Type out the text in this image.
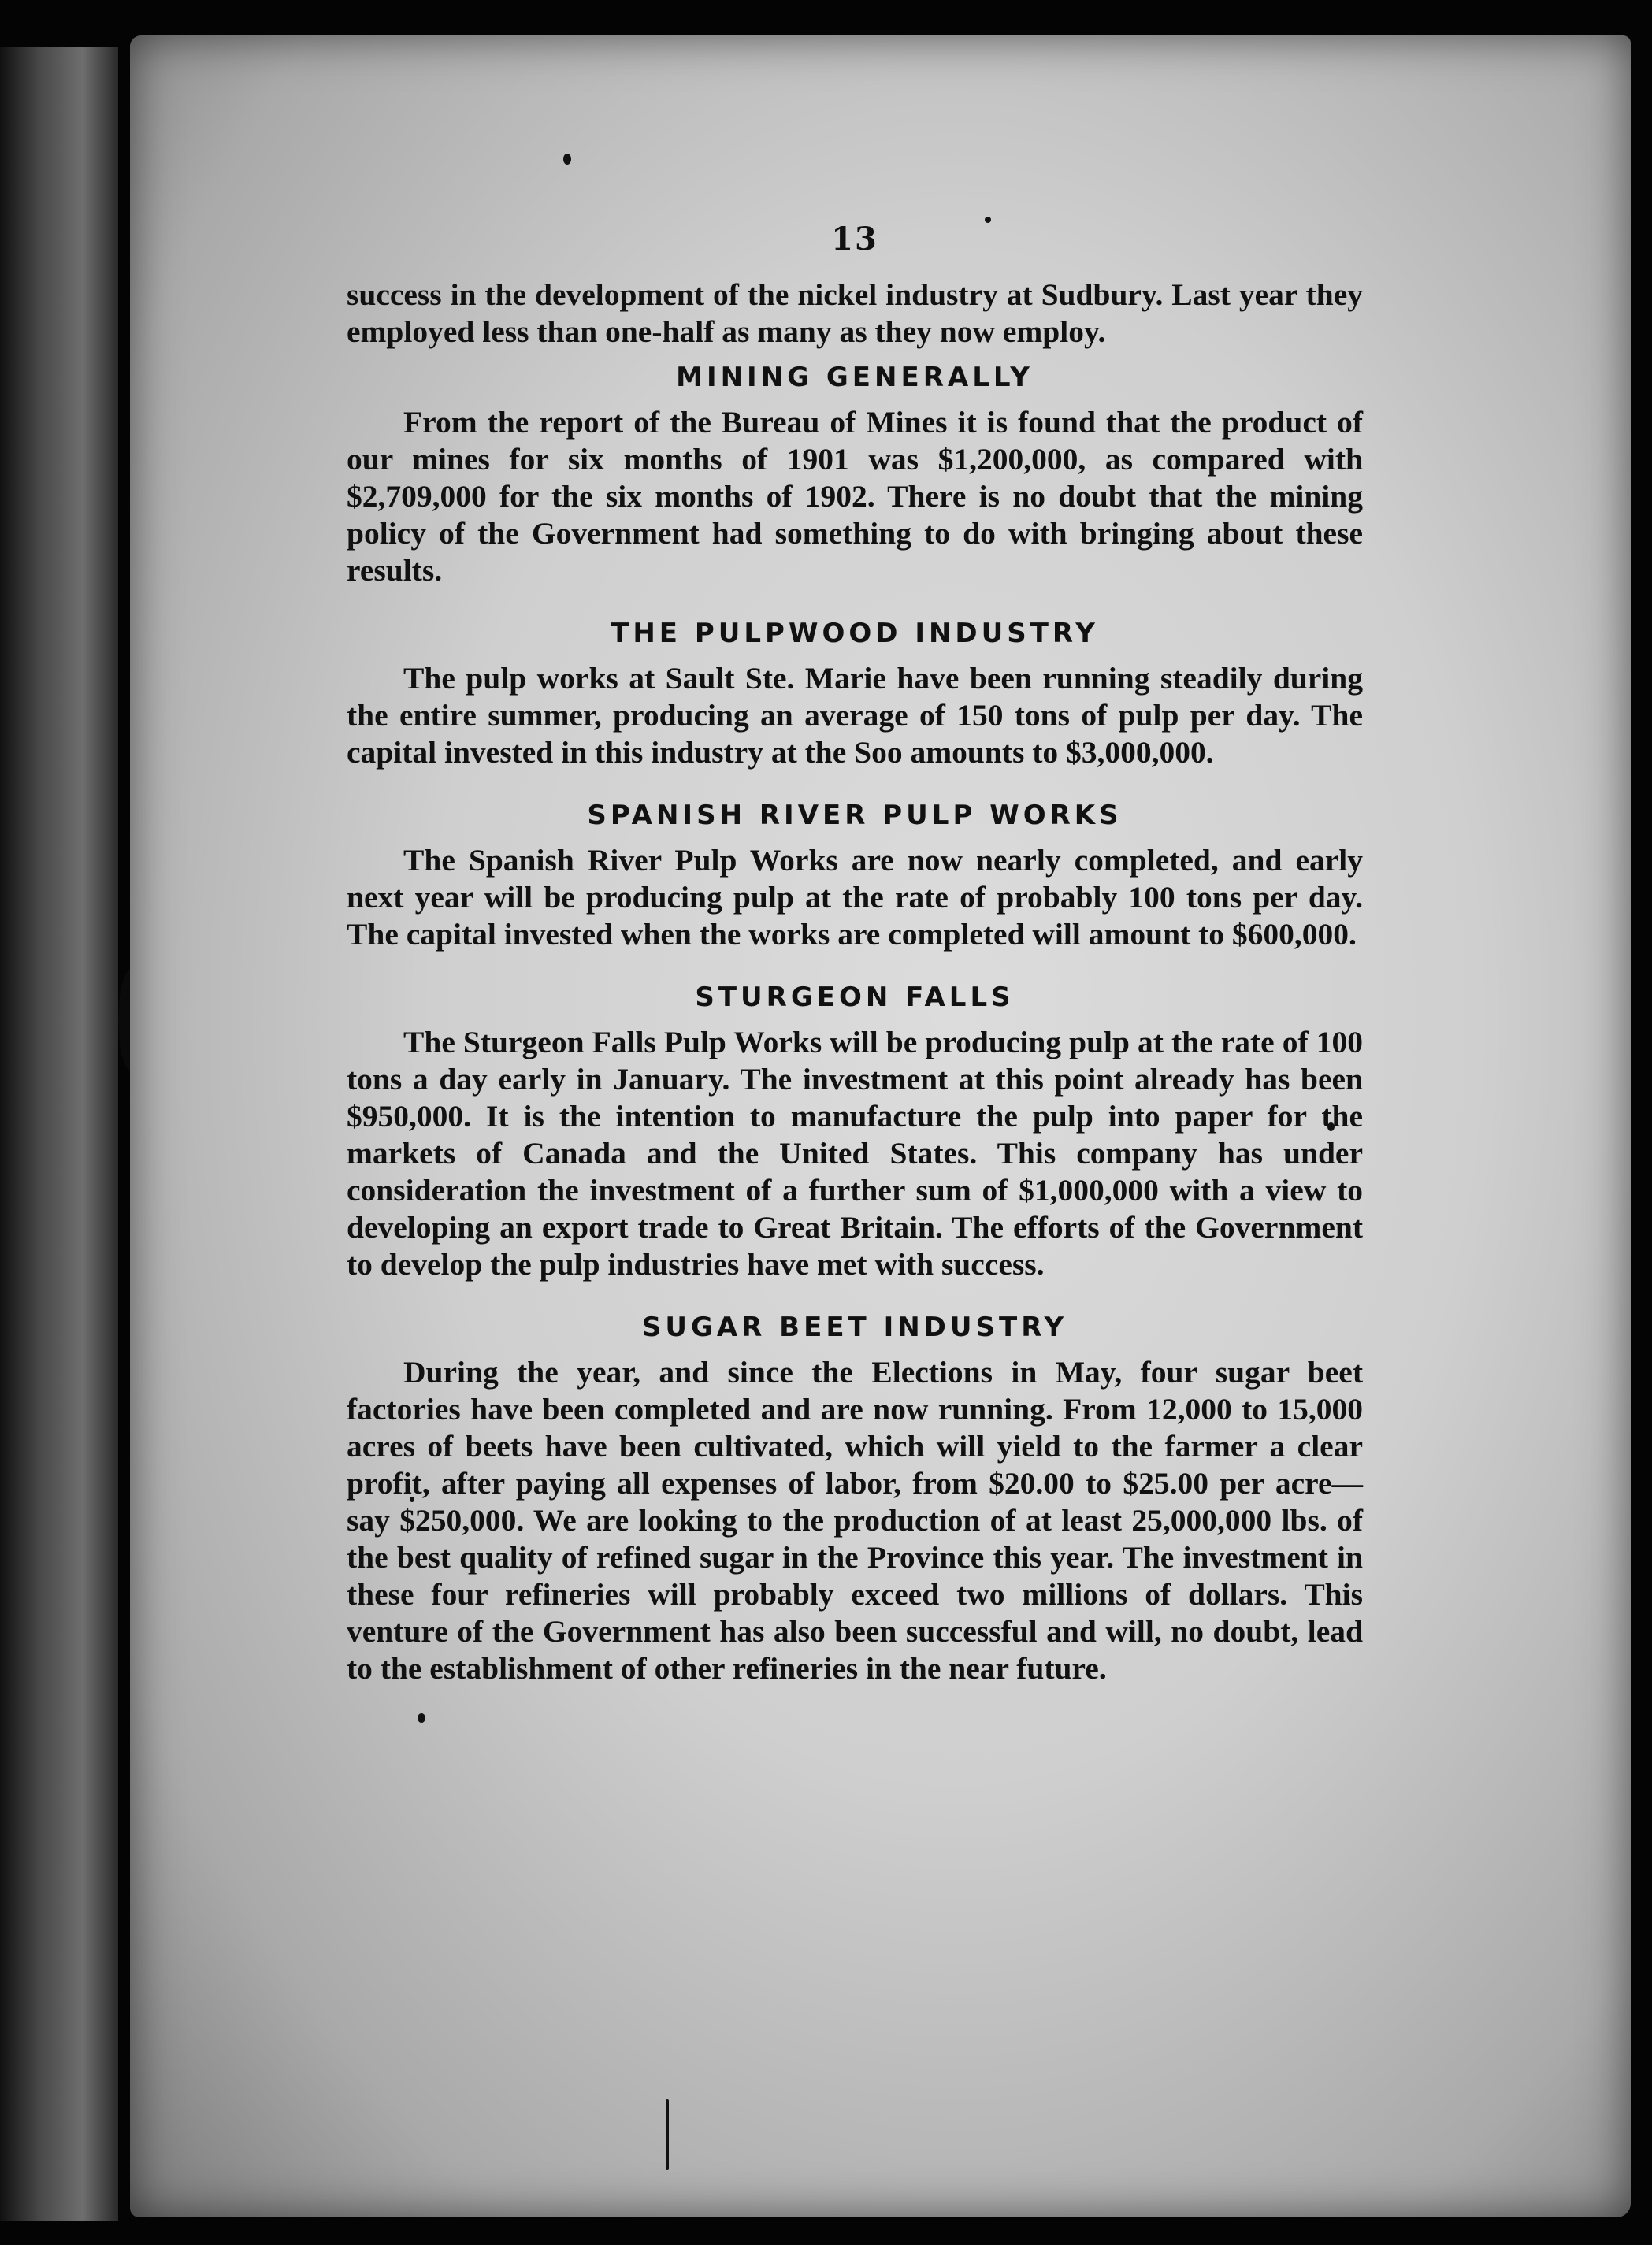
13

success in the development of the nickel industry at Sudbury. Last year they employed less than one-half as many as they now employ.

MINING GENERALLY

From the report of the Bureau of Mines it is found that the product of our mines for six months of 1901 was $1,200,000, as compared with $2,709,000 for the six months of 1902. There is no doubt that the mining policy of the Government had something to do with bringing about these results.

THE PULPWOOD INDUSTRY

The pulp works at Sault Ste. Marie have been running steadily during the entire summer, producing an average of 150 tons of pulp per day. The capital invested in this industry at the Soo amounts to $3,000,000.

SPANISH RIVER PULP WORKS

The Spanish River Pulp Works are now nearly completed, and early next year will be producing pulp at the rate of probably 100 tons per day. The capital invested when the works are completed will amount to $600,000.

STURGEON FALLS

The Sturgeon Falls Pulp Works will be producing pulp at the rate of 100 tons a day early in January. The investment at this point already has been $950,000. It is the intention to manufacture the pulp into paper for the markets of Canada and the United States. This company has under consideration the investment of a further sum of $1,000,000 with a view to developing an export trade to Great Britain. The efforts of the Government to develop the pulp industries have met with success.

SUGAR BEET INDUSTRY

During the year, and since the Elections in May, four sugar beet factories have been completed and are now running. From 12,000 to 15,000 acres of beets have been cultivated, which will yield to the farmer a clear profit, after paying all expenses of labor, from $20.00 to $25.00 per acre—say $250,000. We are looking to the production of at least 25,000,000 lbs. of the best quality of refined sugar in the Province this year. The investment in these four refineries will probably exceed two millions of dollars. This venture of the Government has also been successful and will, no doubt, lead to the establishment of other refineries in the near future.
